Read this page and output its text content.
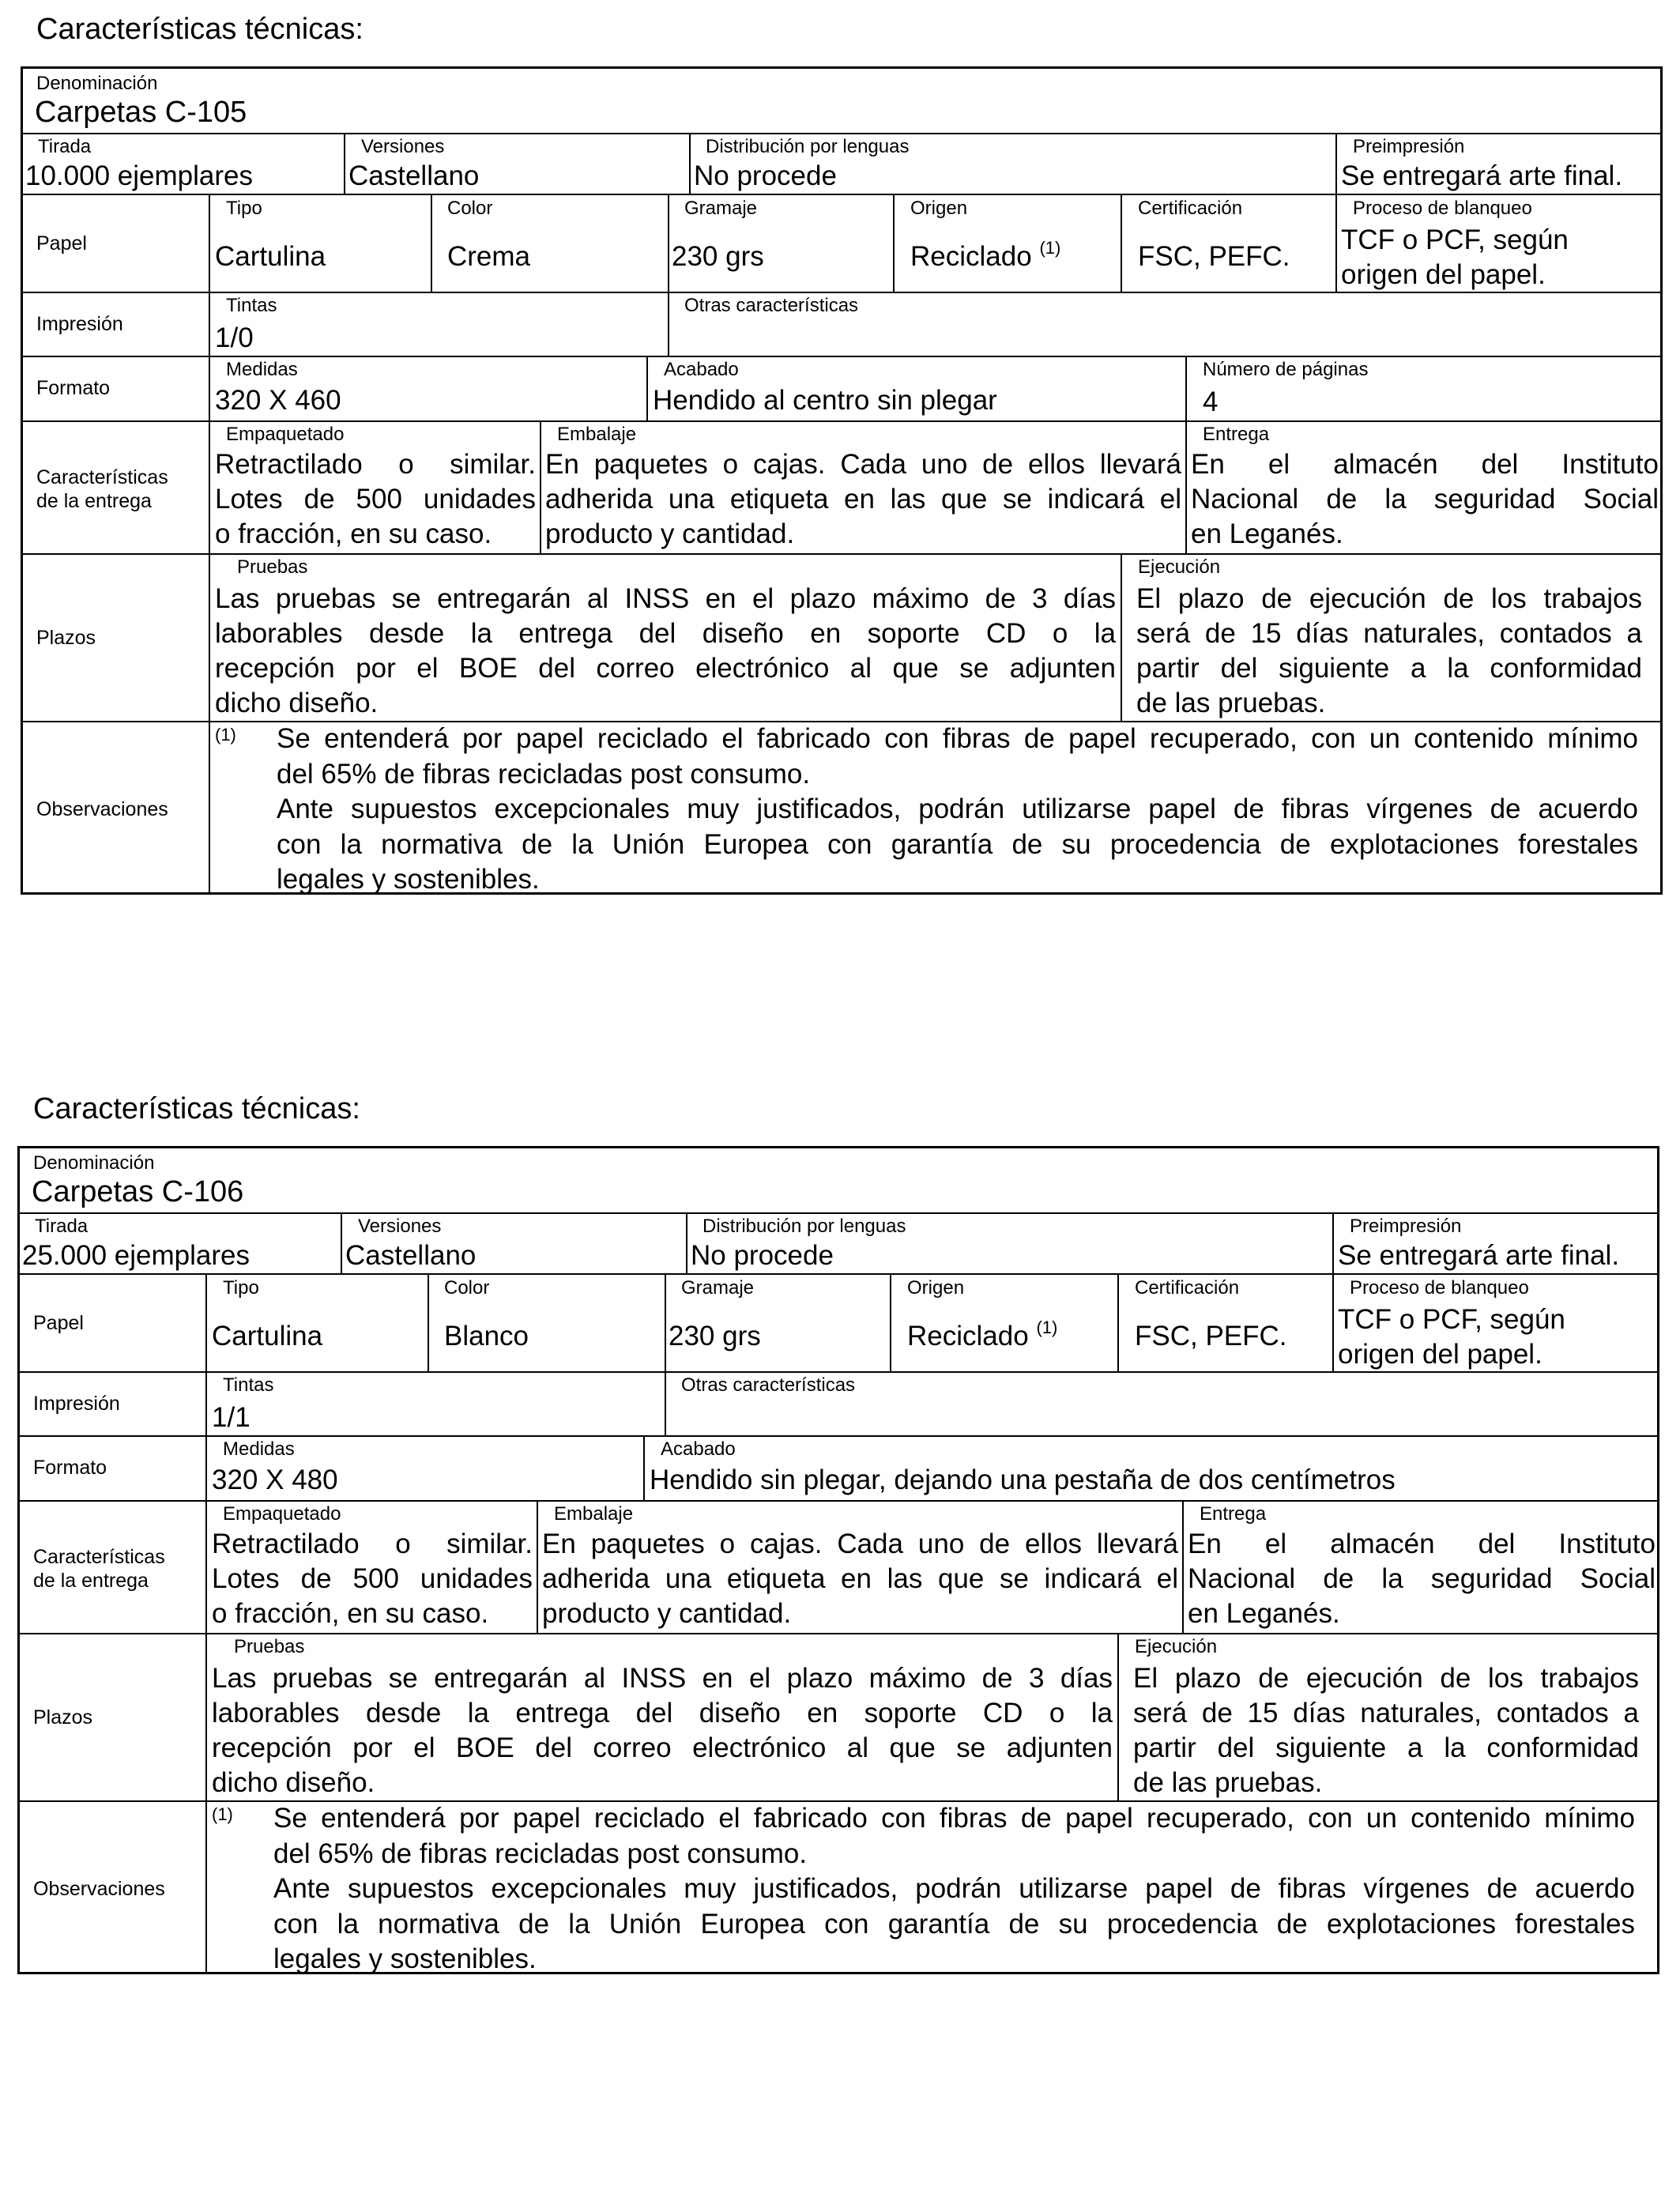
Características técnicas:
Denominación
Carpetas C-105
Tirada
10.000 ejemplares
Versiones
Castellano
Distribución por lenguas
No procede
Preimpresión
Se entregará arte final.
Papel
Tipo
Cartulina
Color
Crema
Gramaje
230 grs
Origen
Reciclado $^{(1)}$
Certificación
FSC, PEFC.
Proceso de blanqueo
TCF o PCF, según
origen del papel.
Impresión
Tintas
1/0
Otras características
Formato
Medidas
320 X 460
Acabado
Hendido al centro sin plegar
Número de páginas
4
Características
de la entrega
Empaquetado
Retractilado o similar.
Lotes de 500 unidades
o fracción, en su caso.
Embalaje
En paquetes o cajas. Cada uno de ellos llevará
adherida una etiqueta en las que se indicará el
producto y cantidad.
Entrega
En el almacén del Instituto
Nacional de la seguridad Social
en Leganés.
Plazos
Pruebas
Las pruebas se entregarán al INSS en el plazo máximo de 3 días
laborables desde la entrega del diseño en soporte CD o la
recepción por el BOE del correo electrónico al que se adjunten
dicho diseño.
Ejecución
El plazo de ejecución de los trabajos
será de 15 días naturales, contados a
partir del siguiente a la conformidad
de las pruebas.
Observaciones
(1)	Se entenderá por papel reciclado el fabricado con fibras de papel recuperado, con un contenido mínimo
del 65% de fibras recicladas post consumo.
Ante supuestos excepcionales muy justificados, podrán utilizarse papel de fibras vírgenes de acuerdo
con la normativa de la Unión Europea con garantía de su procedencia de explotaciones forestales
legales y sostenibles.
Características técnicas:
Denominación
Carpetas C-106
Tirada
25.000 ejemplares
Versiones
Castellano
Distribución por lenguas
No procede
Preimpresión
Se entregará arte final.
Papel
Tipo
Cartulina
Color
Blanco
Gramaje
230 grs
Origen
Reciclado $^{(1)}$
Certificación
FSC, PEFC.
Proceso de blanqueo
TCF o PCF, según
origen del papel.
Impresión
Tintas
1/1
Otras características
Formato
Medidas
320 X 480
Acabado
Hendido sin plegar, dejando una pestaña de dos centímetros
Características
de la entrega
Empaquetado
Retractilado o similar.
Lotes de 500 unidades
o fracción, en su caso.
Embalaje
En paquetes o cajas. Cada uno de ellos llevará
adherida una etiqueta en las que se indicará el
producto y cantidad.
Entrega
En el almacén del Instituto
Nacional de la seguridad Social
en Leganés.
Plazos
Pruebas
Las pruebas se entregarán al INSS en el plazo máximo de 3 días
laborables desde la entrega del diseño en soporte CD o la
recepción por el BOE del correo electrónico al que se adjunten
dicho diseño.
Ejecución
El plazo de ejecución de los trabajos
será de 15 días naturales, contados a
partir del siguiente a la conformidad
de las pruebas.
Observaciones
(1)	Se entenderá por papel reciclado el fabricado con fibras de papel recuperado, con un contenido mínimo
del 65% de fibras recicladas post consumo.
Ante supuestos excepcionales muy justificados, podrán utilizarse papel de fibras vírgenes de acuerdo
con la normativa de la Unión Europea con garantía de su procedencia de explotaciones forestales
legales y sostenibles.
